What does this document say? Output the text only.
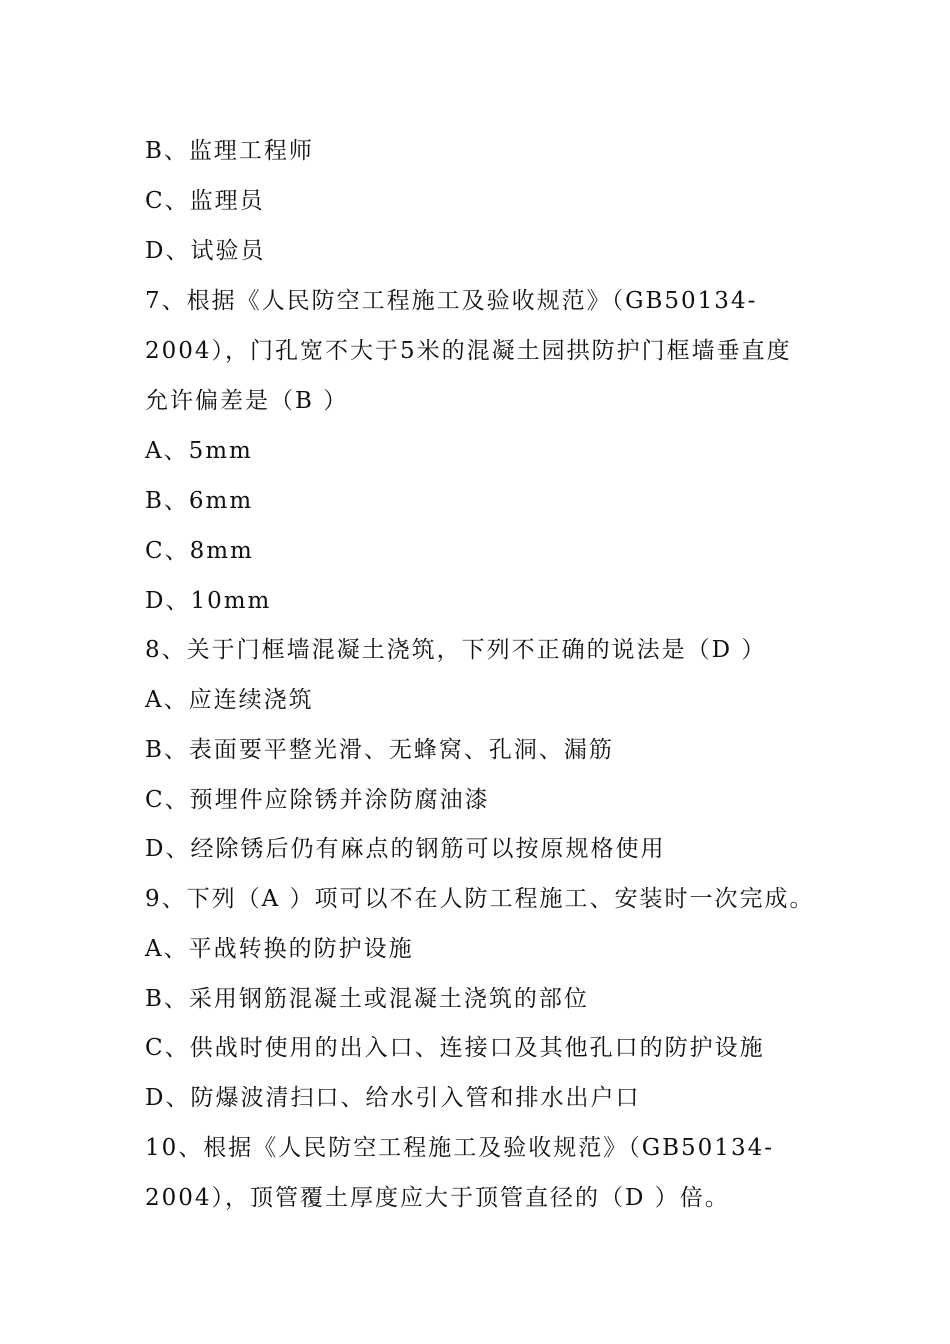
B、监理工程师
C、监理员
D、试验员
7、根据《人民防空工程施工及验收规范》（GB50134-
2004），门孔宽不大于5米的混凝土园拱防护门框墙垂直度
允许偏差是（B ）
A、5mm
B、6mm
C、8mm
D、10mm
8、关于门框墙混凝土浇筑，下列不正确的说法是（D ）
A、应连续浇筑
B、表面要平整光滑、无蜂窝、孔洞、漏筋
C、预埋件应除锈并涂防腐油漆
D、经除锈后仍有麻点的钢筋可以按原规格使用
9、下列（A ）项可以不在人防工程施工、安装时一次完成。
A、平战转换的防护设施
B、采用钢筋混凝土或混凝土浇筑的部位
C、供战时使用的出入口、连接口及其他孔口的防护设施
D、防爆波清扫口、给水引入管和排水出户口
10、根据《人民防空工程施工及验收规范》（GB50134-
2004），顶管覆土厚度应大于顶管直径的（D ）倍。
